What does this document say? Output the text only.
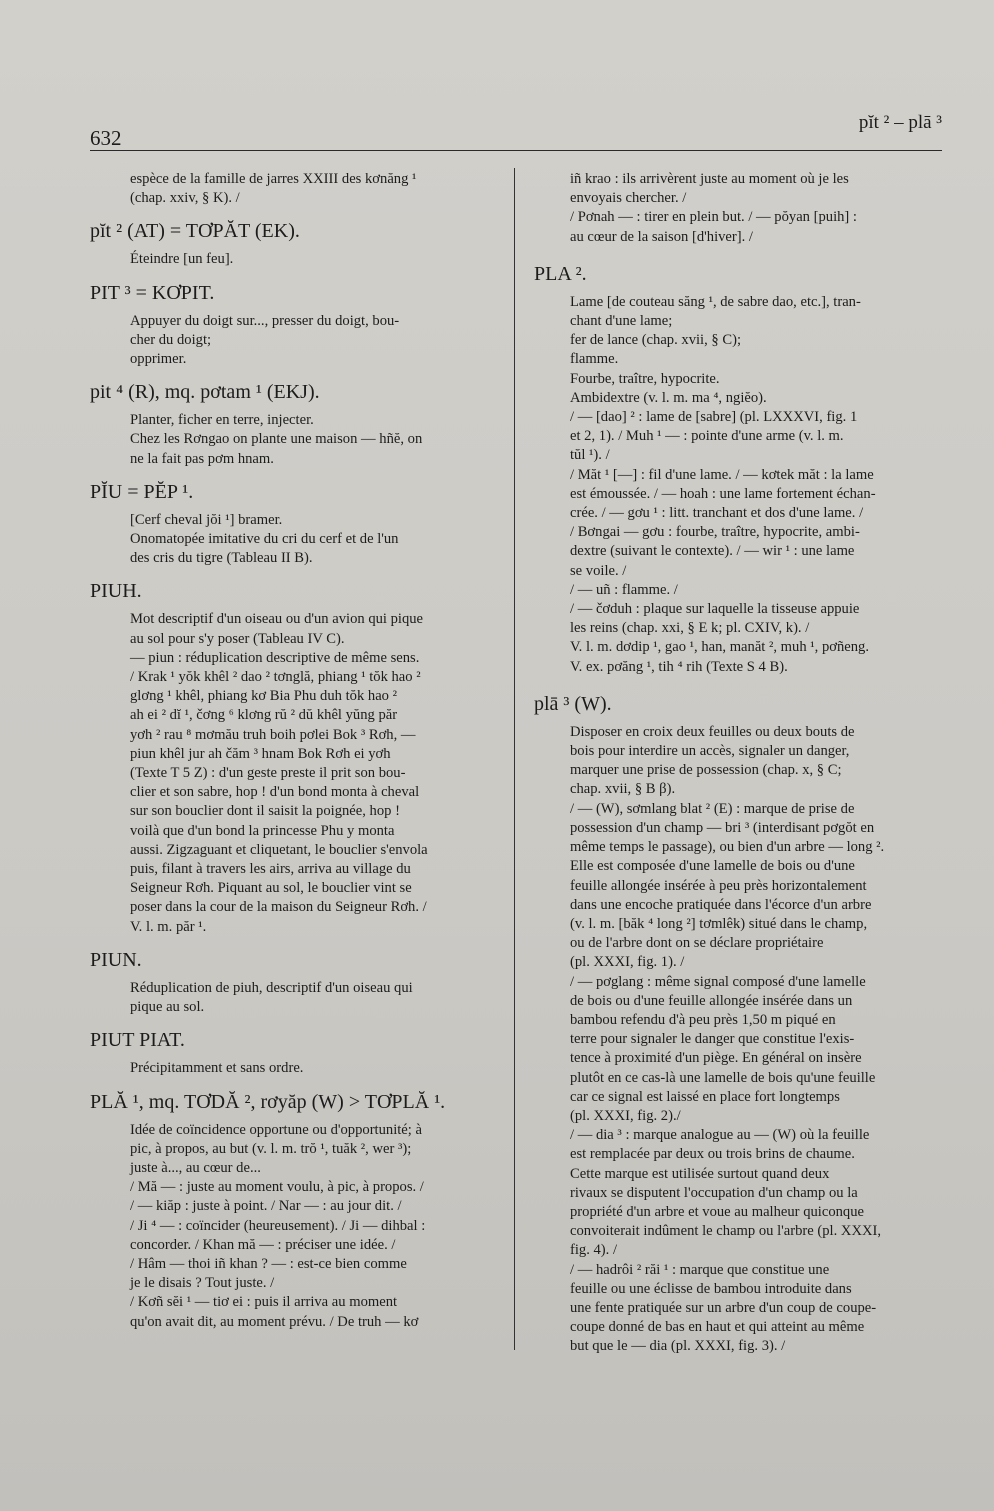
632
pĭt ² – plā ³

espèce de la famille de jarres XXIII des kơnăng ¹

(chap. xxiv, § K). /

pĭt ² (AT) = TƠPĂT (EK).

Éteindre [un feu].

PIT ³ = KƠPIT.

Appuyer du doigt sur..., presser du doigt, bou-

cher du doigt;

opprimer.

pit ⁴ (R), mq. pơtam ¹ (EKJ).

Planter, ficher en terre, injecter.

Chez les Rơngao on plante une maison — hñĕ, on

ne la fait pas pơm hnam.

PĬU = PĔP ¹.

[Cerf cheval jŏi ¹] bramer.

Onomatopée imitative du cri du cerf et de l'un

des cris du tigre (Tableau II B).

PIUH.

Mot descriptif d'un oiseau ou d'un avion qui pique

au sol pour s'y poser (Tableau IV C).

— piun : réduplication descriptive de même sens.

/ Krak ¹ yŏk khêl ² dao ² tơnglă, phiang ¹ tŏk hao ²

glơng ¹ khêl, phiang kơ Bia Phu duh tŏk hao ²

ah ei ² dĭ ¹, čơng ⁶ klơng rŭ ² dŭ khêl yŭng păr

yơh ² rau ⁸ mơmău truh boih pơlei Bok ³ Rơh, —

piun khêl jur ah čăm ³ hnam Bok Rơh ei yơh

(Texte T 5 Z) : d'un geste preste il prit son bou-

clier et son sabre, hop ! d'un bond monta à cheval

sur son bouclier dont il saisit la poignée, hop !

voilà que d'un bond la princesse Phu y monta

aussi. Zigzaguant et cliquetant, le bouclier s'envola

puis, filant à travers les airs, arriva au village du

Seigneur Rơh. Piquant au sol, le bouclier vint se

poser dans la cour de la maison du Seigneur Rơh. /

V. l. m. păr ¹.

PIUN.

Réduplication de piuh, descriptif d'un oiseau qui

pique au sol.

PIUT PIAT.

Précipitamment et sans ordre.

PLĂ ¹, mq. TƠDĂ ², rơyăp (W) > TƠPLĂ ¹.

Idée de coïncidence opportune ou d'opportunité; à

pic, à propos, au but (v. l. m. trŏ ¹, tuăk ², wer ³);

juste à..., au cœur de...

/ Mă — : juste au moment voulu, à pic, à propos. /

/ — kiăp : juste à point. / Nar — : au jour dit. /

/ Ji ⁴ — : coïncider (heureusement). / Ji — dihbal :

concorder. / Khan mă — : préciser une idée. /

/ Hâm — thoi iñ khan ? — : est-ce bien comme

je le disais ? Tout juste. /

/ Kơñ sĕi ¹ — tiơ ei : puis il arriva au moment

qu'on avait dit, au moment prévu. / De truh — kơ

iñ krao : ils arrivèrent juste au moment où je les

envoyais chercher. /

/ Pơnah — : tirer en plein but. / — pŏyan [puih] :

au cœur de la saison [d'hiver]. /

PLA ².

Lame [de couteau săng ¹, de sabre dao, etc.], tran-

chant d'une lame;

fer de lance (chap. xvii, § C);

flamme.

Fourbe, traître, hypocrite.

Ambidextre (v. l. m. ma ⁴, ngiĕo).

/ — [dao] ² : lame de [sabre] (pl. LXXXVI, fig. 1

et 2, 1). / Muh ¹ — : pointe d'une arme (v. l. m.

tŭl ¹). /

/ Măt ¹ [—] : fil d'une lame. / — kơtek măt : la lame

est émoussée. / — hoah : une lame fortement échan-

crée. / — gơu ¹ : litt. tranchant et dos d'une lame. /

/ Bơngai — gơu : fourbe, traître, hypocrite, ambi-

dextre (suivant le contexte). / — wir ¹ : une lame

se voile. /

/ — uñ : flamme. /

/ — čơduh : plaque sur laquelle la tisseuse appuie

les reins (chap. xxi, § E k; pl. CXIV, k). /

V. l. m. dơdip ¹, gao ¹, han, manăt ², muh ¹, pơñeng.

V. ex. pơăng ¹, tih ⁴ rih (Texte S 4 B).

plā ³ (W).

Disposer en croix deux feuilles ou deux bouts de

bois pour interdire un accès, signaler un danger,

marquer une prise de possession (chap. x, § C;

chap. xvii, § B β).

/ — (W), sơmlang blat ² (E) : marque de prise de

possession d'un champ — bri ³ (interdisant pơgŏt en

même temps le passage), ou bien d'un arbre — long ².

Elle est composée d'une lamelle de bois ou d'une

feuille allongée insérée à peu près horizontalement

dans une encoche pratiquée dans l'écorce d'un arbre

(v. l. m. [băk ⁴ long ²] tơmlêk) situé dans le champ,

ou de l'arbre dont on se déclare propriétaire

(pl. XXXI, fig. 1). /

/ — pơglang : même signal composé d'une lamelle

de bois ou d'une feuille allongée insérée dans un

bambou refendu d'à peu près 1,50 m piqué en

terre pour signaler le danger que constitue l'exis-

tence à proximité d'un piège. En général on insère

plutôt en ce cas-là une lamelle de bois qu'une feuille

car ce signal est laissé en place fort longtemps

(pl. XXXI, fig. 2)./

/ — dia ³ : marque analogue au — (W) où la feuille

est remplacée par deux ou trois brins de chaume.

Cette marque est utilisée surtout quand deux

rivaux se disputent l'occupation d'un champ ou la

propriété d'un arbre et voue au malheur quiconque

convoiterait indûment le champ ou l'arbre (pl. XXXI,

fig. 4). /

/ — hadrôi ² răi ¹ : marque que constitue une

feuille ou une éclisse de bambou introduite dans

une fente pratiquée sur un arbre d'un coup de coupe-

coupe donné de bas en haut et qui atteint au même

but que le — dia (pl. XXXI, fig. 3). /
